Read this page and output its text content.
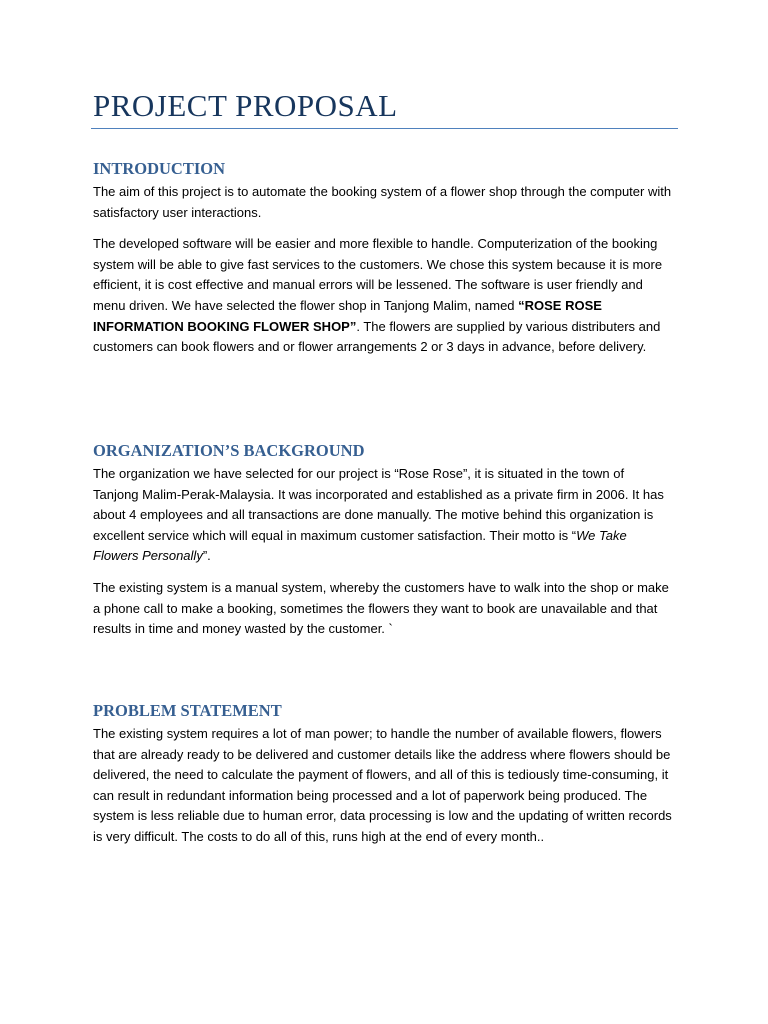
PROJECT PROPOSAL
INTRODUCTION

The aim of this project is to automate the booking system of a flower shop through the computer with satisfactory user interactions.

The developed software will be easier and more flexible to handle. Computerization of the booking system will be able to give fast services to the customers. We chose this system because it is more efficient, it is cost effective and manual errors will be lessened. The software is user friendly and menu driven. We have selected the flower shop in Tanjong Malim, named “ROSE ROSE INFORMATION BOOKING FLOWER SHOP”. The flowers are supplied by various distributers and customers can book flowers and or flower arrangements 2 or 3 days in advance, before delivery.

ORGANIZATION’S BACKGROUND

The organization we have selected for our project is “Rose Rose”, it is situated in the town of Tanjong Malim-Perak-Malaysia. It was incorporated and established as a private firm in 2006. It has about 4 employees and all transactions are done manually. The motive behind this organization is excellent service which will equal in maximum customer satisfaction. Their motto is “We Take Flowers Personally”.

The existing system is a manual system, whereby the customers have to walk into the shop or make a phone call to make a booking, sometimes the flowers they want to book are unavailable and that results in time and money wasted by the customer. `

PROBLEM STATEMENT

The existing system requires a lot of man power; to handle the number of available flowers, flowers that are already ready to be delivered and customer details like the address where flowers should be delivered, the need to calculate the payment of flowers, and all of this is tediously time-consuming, it can result in redundant information being processed and a lot of paperwork being produced. The system is less reliable due to human error, data processing is low and the updating of written records is very difficult. The costs to do all of this, runs high at the end of every month..
